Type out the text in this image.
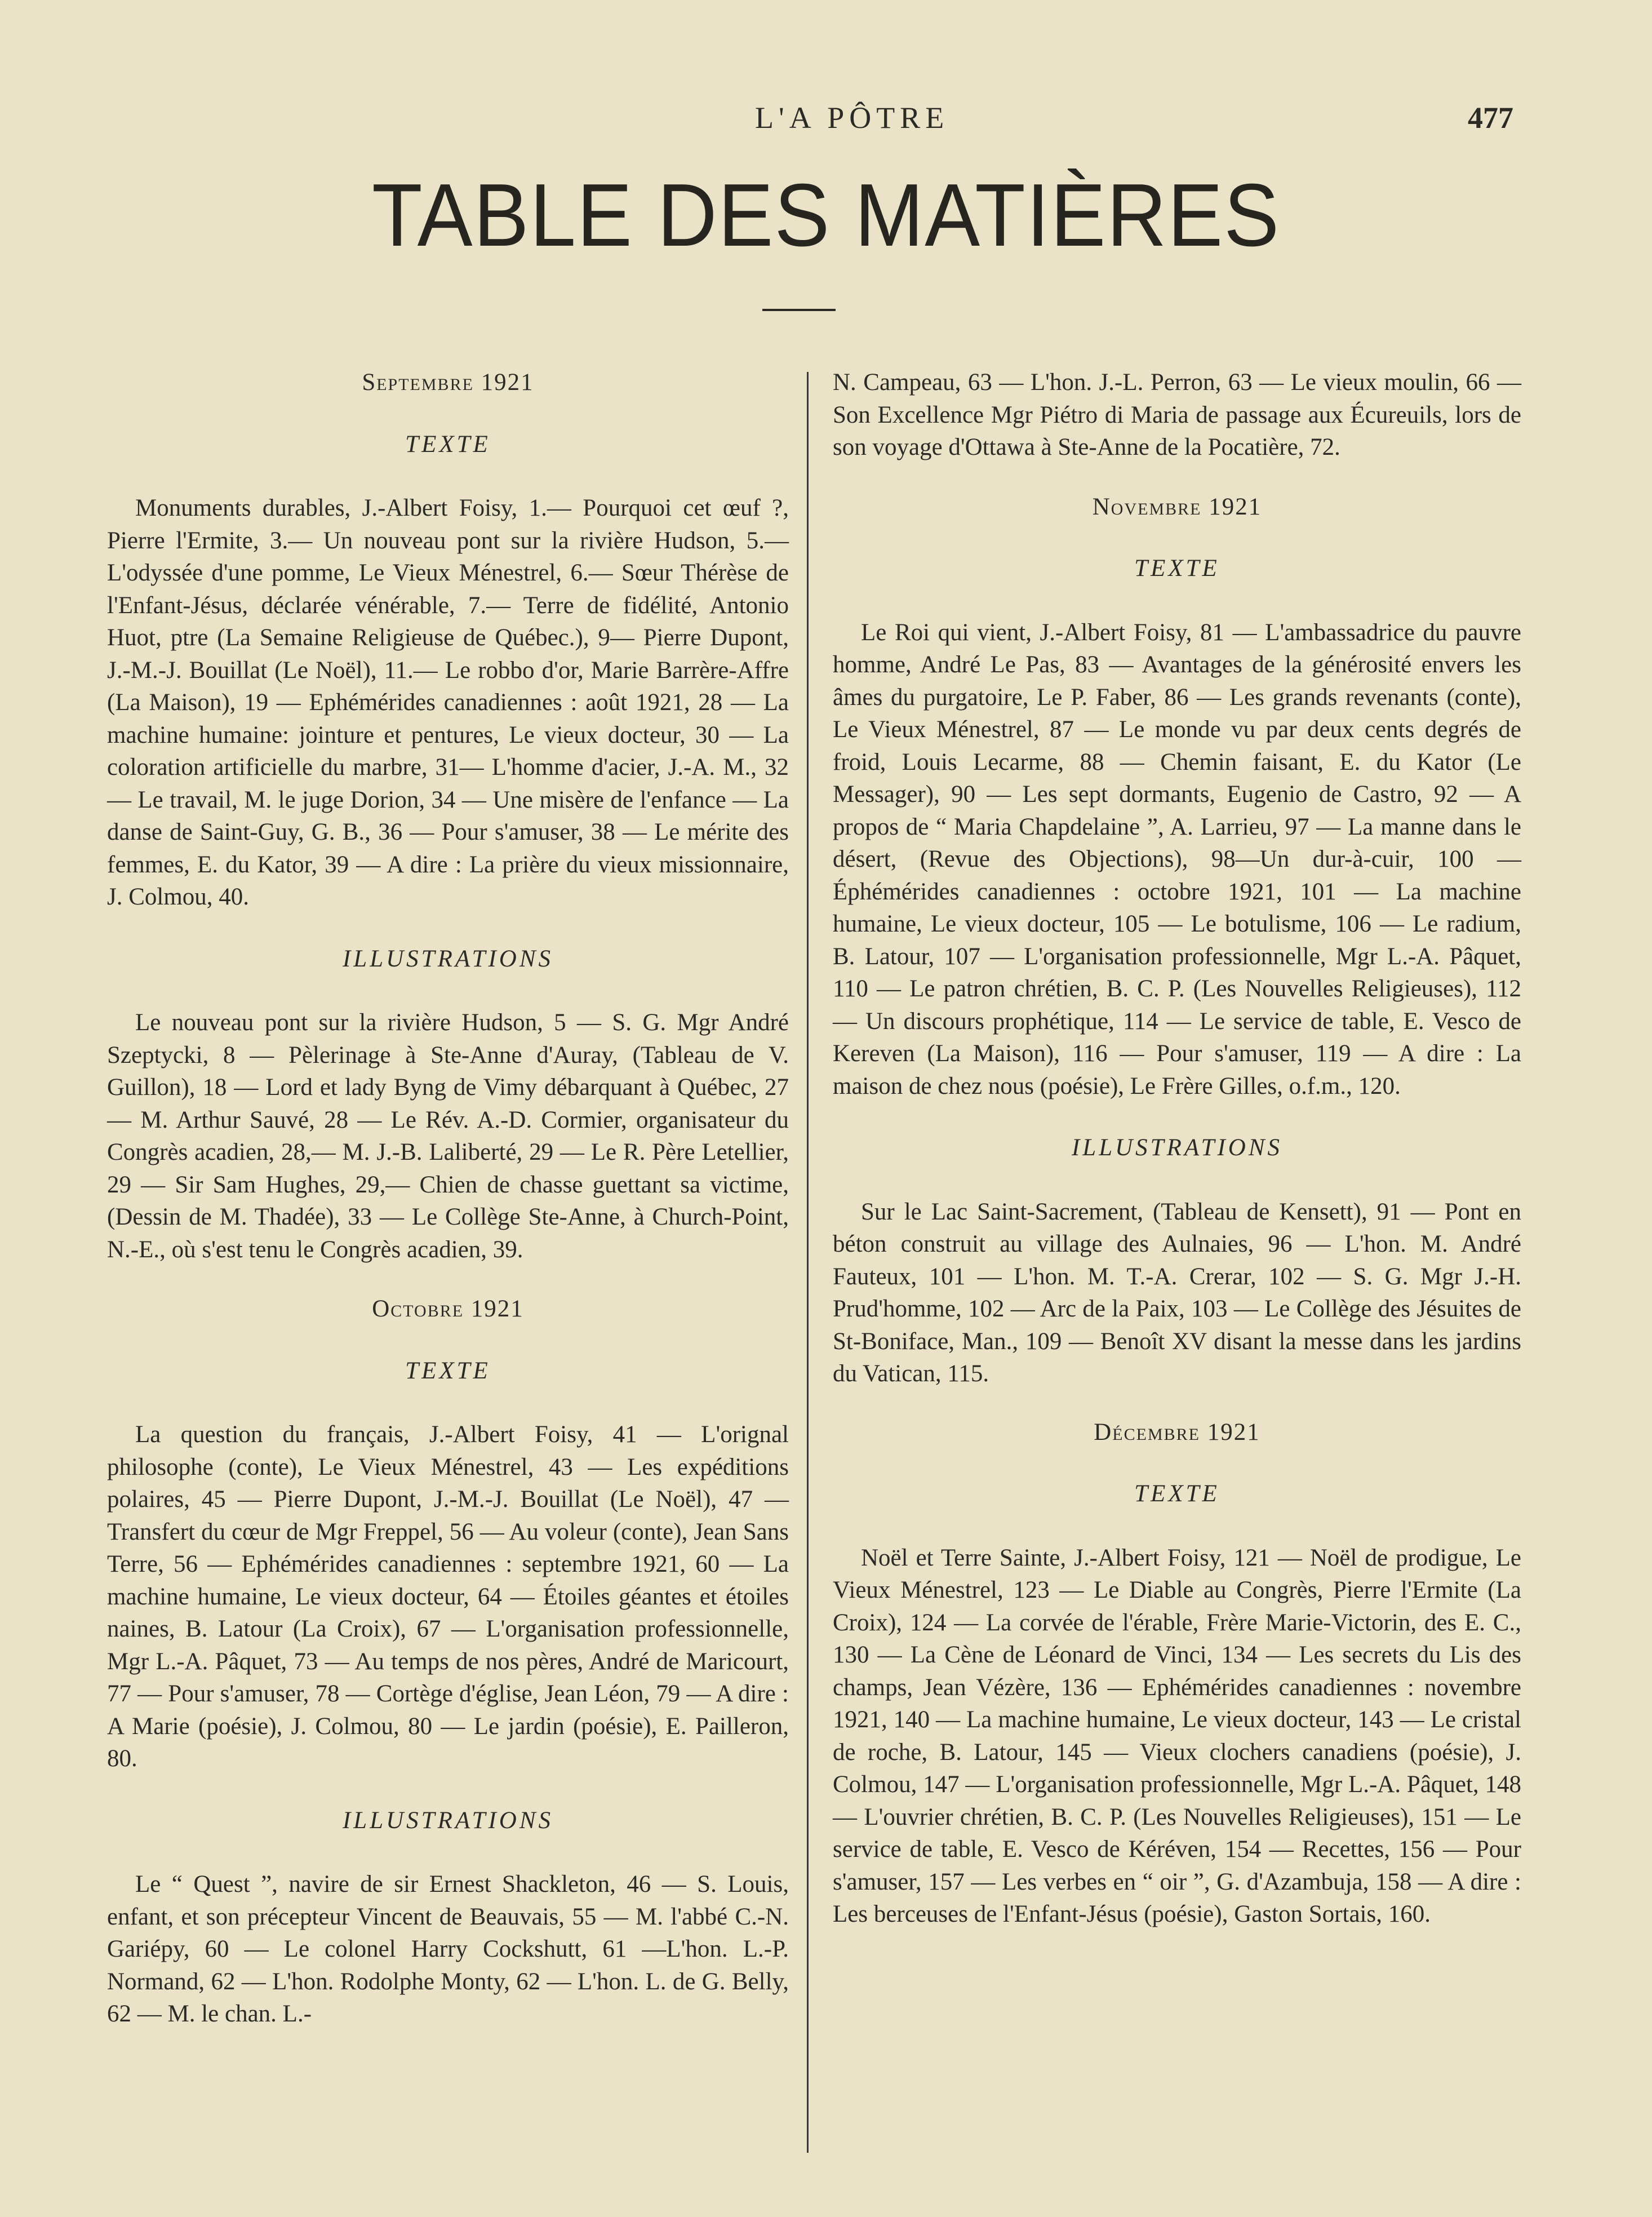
L'A PÔTRE	477
TABLE DES MATIÈRES

Septembre 1921

TEXTE

Monuments durables, J.-Albert Foisy, 1.— Pourquoi cet œuf ?, Pierre l'Ermite, 3.— Un nouveau pont sur la rivière Hudson, 5.— L'odyssée d'une pomme, Le Vieux Ménestrel, 6.— Sœur Thérèse de l'Enfant-Jésus, déclarée vénérable, 7.— Terre de fidélité, Antonio Huot, ptre (La Semaine Religieuse de Québec.), 9— Pierre Dupont, J.-M.-J. Bouillat (Le Noël), 11.— Le robbo d'or, Marie Barrère-Affre (La Maison), 19 — Ephémérides canadiennes : août 1921, 28 — La machine humaine: jointure et pentures, Le vieux docteur, 30 — La coloration artificielle du marbre, 31— L'homme d'acier, J.-A. M., 32 — Le travail, M. le juge Dorion, 34 — Une misère de l'enfance — La danse de Saint-Guy, G. B., 36 — Pour s'amuser, 38 — Le mérite des femmes, E. du Kator, 39 — A dire : La prière du vieux missionnaire, J. Colmou, 40.

ILLUSTRATIONS

Le nouveau pont sur la rivière Hudson, 5 — S. G. Mgr André Szeptycki, 8 — Pèlerinage à Ste-Anne d'Auray, (Tableau de V. Guillon), 18 — Lord et lady Byng de Vimy débarquant à Québec, 27 — M. Arthur Sauvé, 28 — Le Rév. A.-D. Cormier, organisateur du Congrès acadien, 28,— M. J.-B. Laliberté, 29 — Le R. Père Letellier, 29 — Sir Sam Hughes, 29,— Chien de chasse guettant sa victime, (Dessin de M. Thadée), 33 — Le Collège Ste-Anne, à Church-Point, N.-E., où s'est tenu le Congrès acadien, 39.

Octobre 1921

TEXTE

La question du français, J.-Albert Foisy, 41 — L'orignal philosophe (conte), Le Vieux Ménestrel, 43 — Les expéditions polaires, 45 — Pierre Dupont, J.-M.-J. Bouillat (Le Noël), 47 — Transfert du cœur de Mgr Freppel, 56 — Au voleur (conte), Jean Sans Terre, 56 — Ephémérides canadiennes : septembre 1921, 60 — La machine humaine, Le vieux docteur, 64 — Étoiles géantes et étoiles naines, B. Latour (La Croix), 67 — L'organisation professionnelle, Mgr L.-A. Pâquet, 73 — Au temps de nos pères, André de Maricourt, 77 — Pour s'amuser, 78 — Cortège d'église, Jean Léon, 79 — A dire : A Marie (poésie), J. Colmou, 80 — Le jardin (poésie), E. Pailleron, 80.

ILLUSTRATIONS

Le “ Quest ”, navire de sir Ernest Shackleton, 46 — S. Louis, enfant, et son précepteur Vincent de Beauvais, 55 — M. l'abbé C.-N. Gariépy, 60 — Le colonel Harry Cockshutt, 61 —L'hon. L.-P. Normand, 62 — L'hon. Rodolphe Monty, 62 — L'hon. L. de G. Belly, 62 — M. le chan. L.-

N. Campeau, 63 — L'hon. J.-L. Perron, 63 — Le vieux moulin, 66 — Son Excellence Mgr Piétro di Maria de passage aux Écureuils, lors de son voyage d'Ottawa à Ste-Anne de la Pocatière, 72.

Novembre 1921

TEXTE

Le Roi qui vient, J.-Albert Foisy, 81 — L'ambassadrice du pauvre homme, André Le Pas, 83 — Avantages de la générosité envers les âmes du purgatoire, Le P. Faber, 86 — Les grands revenants (conte), Le Vieux Ménestrel, 87 — Le monde vu par deux cents degrés de froid, Louis Lecarme, 88 — Chemin faisant, E. du Kator (Le Messager), 90 — Les sept dormants, Eugenio de Castro, 92 — A propos de “ Maria Chapdelaine ”, A. Larrieu, 97 — La manne dans le désert, (Revue des Objections), 98—Un dur-à-cuir, 100 — Éphémérides canadiennes : octobre 1921, 101 — La machine humaine, Le vieux docteur, 105 — Le botulisme, 106 — Le radium, B. Latour, 107 — L'organisation professionnelle, Mgr L.-A. Pâquet, 110 — Le patron chrétien, B. C. P. (Les Nouvelles Religieuses), 112 — Un discours prophétique, 114 — Le service de table, E. Vesco de Kereven (La Maison), 116 — Pour s'amuser, 119 — A dire : La maison de chez nous (poésie), Le Frère Gilles, o.f.m., 120.

ILLUSTRATIONS

Sur le Lac Saint-Sacrement, (Tableau de Kensett), 91 — Pont en béton construit au village des Aulnaies, 96 — L'hon. M. André Fauteux, 101 — L'hon. M. T.-A. Crerar, 102 — S. G. Mgr J.-H. Prud'homme, 102 — Arc de la Paix, 103 — Le Collège des Jésuites de St-Boniface, Man., 109 — Benoît XV disant la messe dans les jardins du Vatican, 115.

Décembre 1921

TEXTE

Noël et Terre Sainte, J.-Albert Foisy, 121 — Noël de prodigue, Le Vieux Ménestrel, 123 — Le Diable au Congrès, Pierre l'Ermite (La Croix), 124 — La corvée de l'érable, Frère Marie-Victorin, des E. C., 130 — La Cène de Léonard de Vinci, 134 — Les secrets du Lis des champs, Jean Vézère, 136 — Ephémérides canadiennes : novembre 1921, 140 — La machine humaine, Le vieux docteur, 143 — Le cristal de roche, B. Latour, 145 — Vieux clochers canadiens (poésie), J. Colmou, 147 — L'organisation professionnelle, Mgr L.-A. Pâquet, 148 — L'ouvrier chrétien, B. C. P. (Les Nouvelles Religieuses), 151 — Le service de table, E. Vesco de Kéréven, 154 — Recettes, 156 — Pour s'amuser, 157 — Les verbes en “ oir ”, G. d'Azambuja, 158 — A dire : Les berceuses de l'Enfant-Jésus (poésie), Gaston Sortais, 160.
